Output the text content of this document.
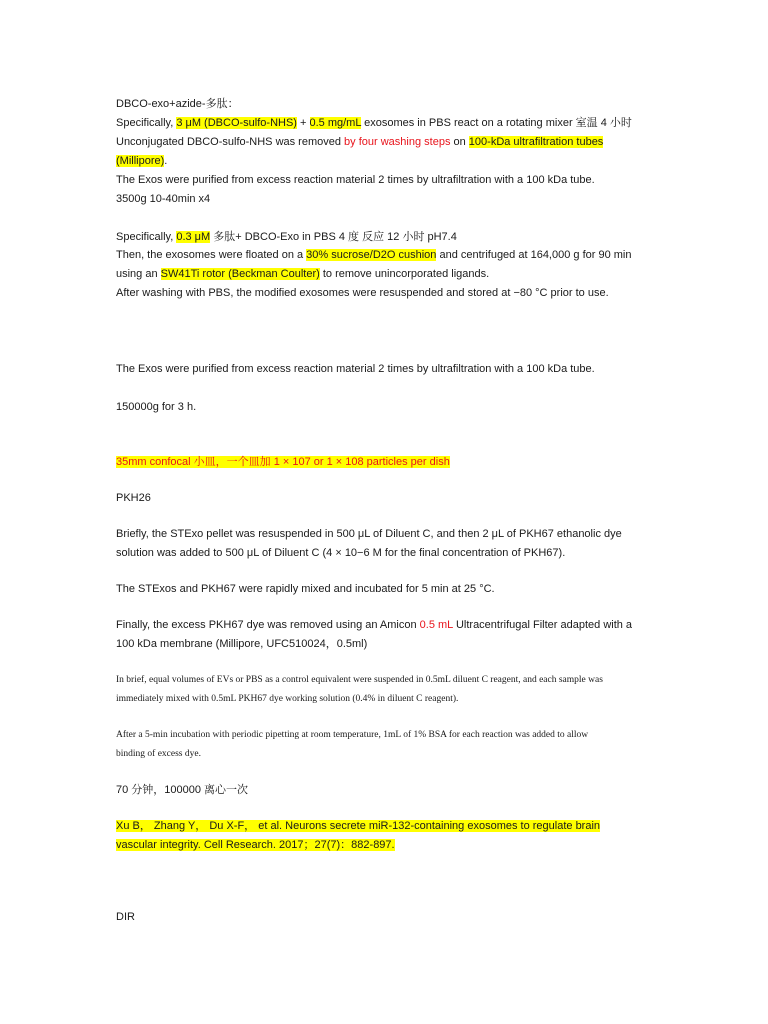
DBCO-exo+azide-多肽：
Specifically, 3 μM (DBCO-sulfo-NHS) + 0.5 mg/mL exosomes in PBS react on a rotating mixer 室温 4 小时
Unconjugated DBCO-sulfo-NHS was removed by four washing steps on 100-kDa ultrafiltration tubes
(Millipore).
The Exos were purified from excess reaction material 2 times by ultrafiltration with a 100 kDa tube.
3500g 10-40min x4
Specifically, 0.3 μM 多肽+ DBCO-Exo in PBS 4 度 反应 12 小时 pH7.4
Then, the exosomes were floated on a 30% sucrose/D2O cushion and centrifuged at 164,000 g for 90 min
using an SW41Ti rotor (Beckman Coulter) to remove unincorporated ligands.
After washing with PBS, the modified exosomes were resuspended and stored at −80 °C prior to use.
The Exos were purified from excess reaction material 2 times by ultrafiltration with a 100 kDa tube.
150000g for 3 h.
35mm confocal 小皿，一个皿加 1 × 107 or 1 × 108 particles per dish
PKH26
Briefly, the STExo pellet was resuspended in 500 μL of Diluent C, and then 2 μL of PKH67 ethanolic dye
solution was added to 500 μL of Diluent C (4 × 10−6 M for the final concentration of PKH67).
The STExos and PKH67 were rapidly mixed and incubated for 5 min at 25 °C.
Finally, the excess PKH67 dye was removed using an Amicon 0.5 mL Ultracentrifugal Filter adapted with a
100 kDa membrane (Millipore, UFC510024，0.5ml)
In brief, equal volumes of EVs or PBS as a control equivalent were suspended in 0.5mL diluent C reagent, and each sample was
immediately mixed with 0.5mL PKH67 dye working solution (0.4% in diluent C reagent).
After a 5-min incubation with periodic pipetting at room temperature, 1mL of 1% BSA for each reaction was added to allow
binding of excess dye.
70 分钟，100000 离心一次
Xu B， Zhang Y， Du X-F， et al. Neurons secrete miR-132-containing exosomes to regulate brain
vascular integrity. Cell Research. 2017；27(7)：882-897.
DIR
